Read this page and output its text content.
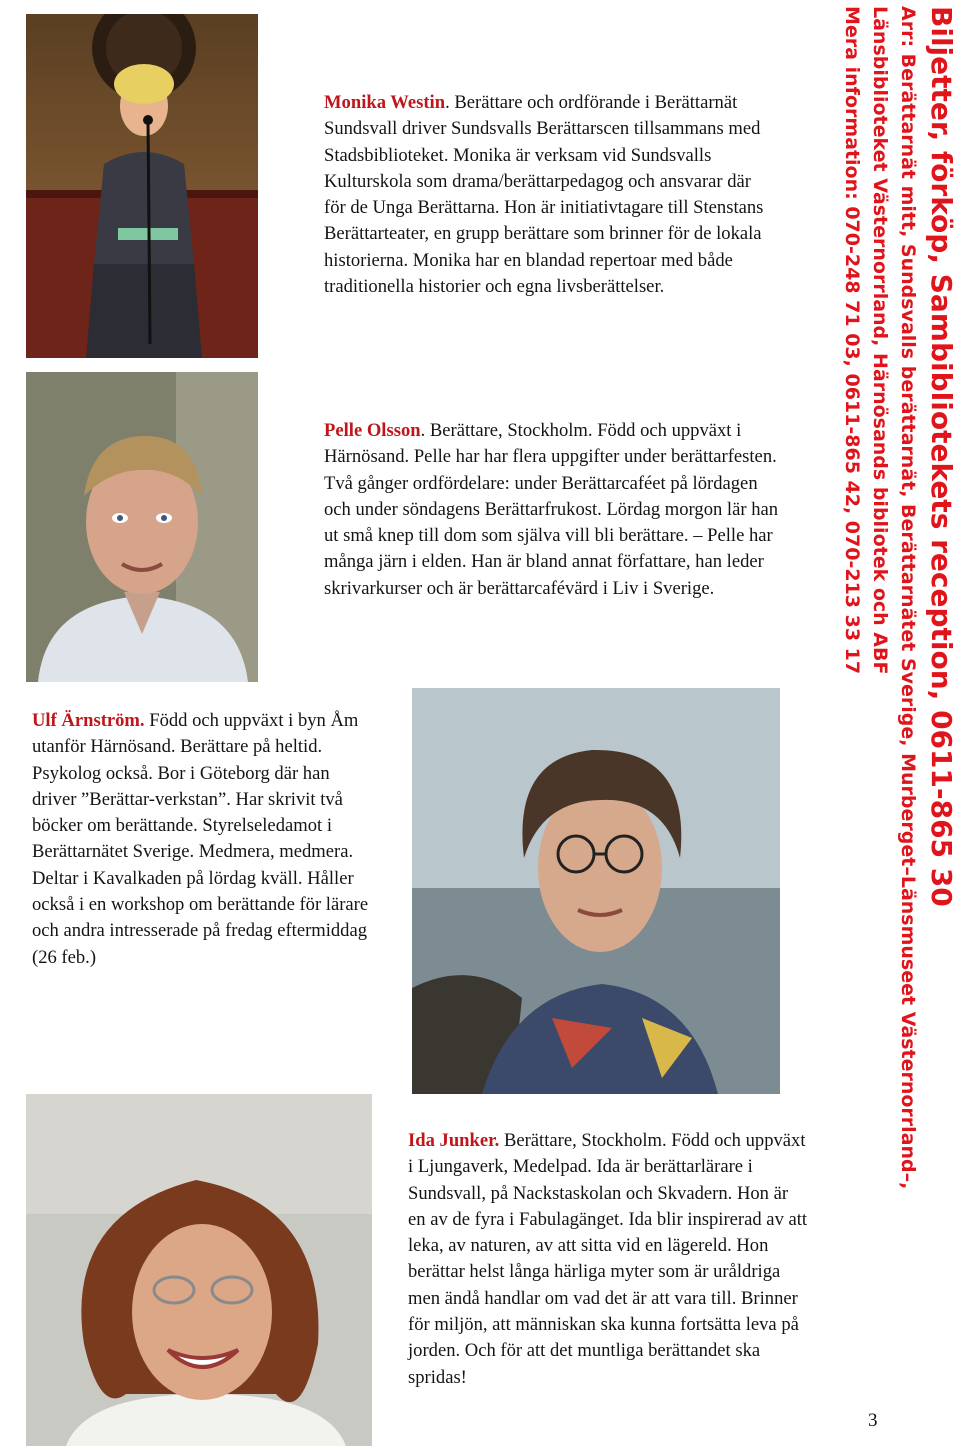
Monika Westin. Berättare och ordförande i Berättarnät Sundsvall driver Sundsvalls Berättarscen tillsammans med Stadsbiblioteket. Monika är verksam vid Sundsvalls Kulturskola som drama/berättarpedagog och ansvarar där för de Unga Berättarna. Hon är initiativtagare till Stenstans Berättarteater, en grupp berättare som brinner för de lokala historierna. Monika har en blandad repertoar med både traditionella historier och egna livsberättelser.

Ulf Ärnström. Född och uppväxt i byn Åm utanför Härnösand. Berättare på heltid. Psykolog också. Bor i Göteborg där han driver ”Berättar-verkstan”. Har skrivit två böcker om berättande. Styrelseledamot i Berättarnätet Sverige. Medmera, medmera. Deltar i Kavalkaden på lördag kväll. Håller också i en workshop om berättande för lärare och andra intresserade på fredag eftermiddag (26 feb.)

Pelle Olsson. Berättare, Stockholm. Född och uppväxt i Härnösand. Pelle har har flera uppgifter under berättarfesten. Två gånger ordfördelare: under Berättarcaféet på lördagen och under söndagens Berättarfrukost. Lördag morgon lär han ut små knep till dom som själva vill bli berättare. – Pelle har många järn i elden. Han är bland annat författare, han leder skrivarkurser och är berättarcafévärd i Liv i Sverige.

Ida Junker. Berättare, Stockholm. Född och uppväxt i Ljungaverk, Medelpad. Ida är berättarlärare i Sundsvall, på Nackstaskolan och Skvadern. Hon är en av de fyra i Fabulagänget. Ida blir inspirerad av att leka, av naturen, av att sitta vid en lägereld. Hon berättar helst långa härliga myter som är uråldriga men ändå handlar om vad det är att vara till. Brinner för miljön, att människan ska kunna fortsätta leva på jorden. Och för att det muntliga berättandet ska spridas!

Biljetter, förköp, Sambibliotekets reception, 0611-865 30
Arr: Berättarnät mitt, Sundsvalls berättarnät, Berättarnätet Sverige, Murberget–Länsmuseet Västernorrland–,
Länsbiblioteket Västernorrland, Härnösands bibliotek och ABF
Mera information: 070-248 71 03, 0611-865 42, 070-213 33 17
3
